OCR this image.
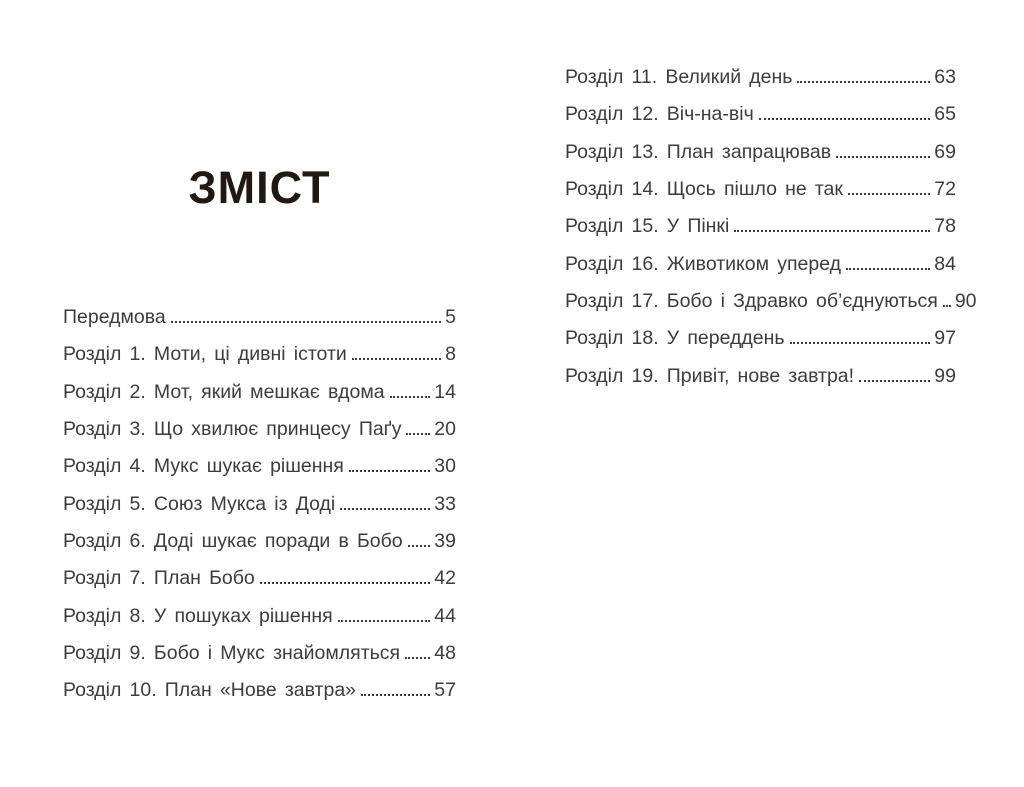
ЗМІСТ
Передмова	5
Розділ 1. Моти, ці дивні істоти	8
Розділ 2. Мот, який мешкає вдома	14
Розділ 3. Що хвилює принцесу Паґу 20
Розділ 4. Мукс шукає рішення	30
Розділ 5. Союз Мукса із Доді	33
Розділ 6. Доді шукає поради в Бобо 39
Розділ 7. План Бобо	42
Розділ 8. У пошуках рішення	44
Розділ 9. Бобо і Мукс знайомляться 48
Розділ 10. План «Нове завтра»	57
Розділ 11. Великий день	63
Розділ 12. Віч-на-віч	65
Розділ 13. План запрацював	69
Розділ 14. Щось пішло не так	72
Розділ 15. У Пінкі	78
Розділ 16. Животиком уперед	84
Розділ 17. Бобо і Здравко об’єднуються 90
Розділ 18. У переддень	97
Розділ 19. Привіт, нове завтра!	99
